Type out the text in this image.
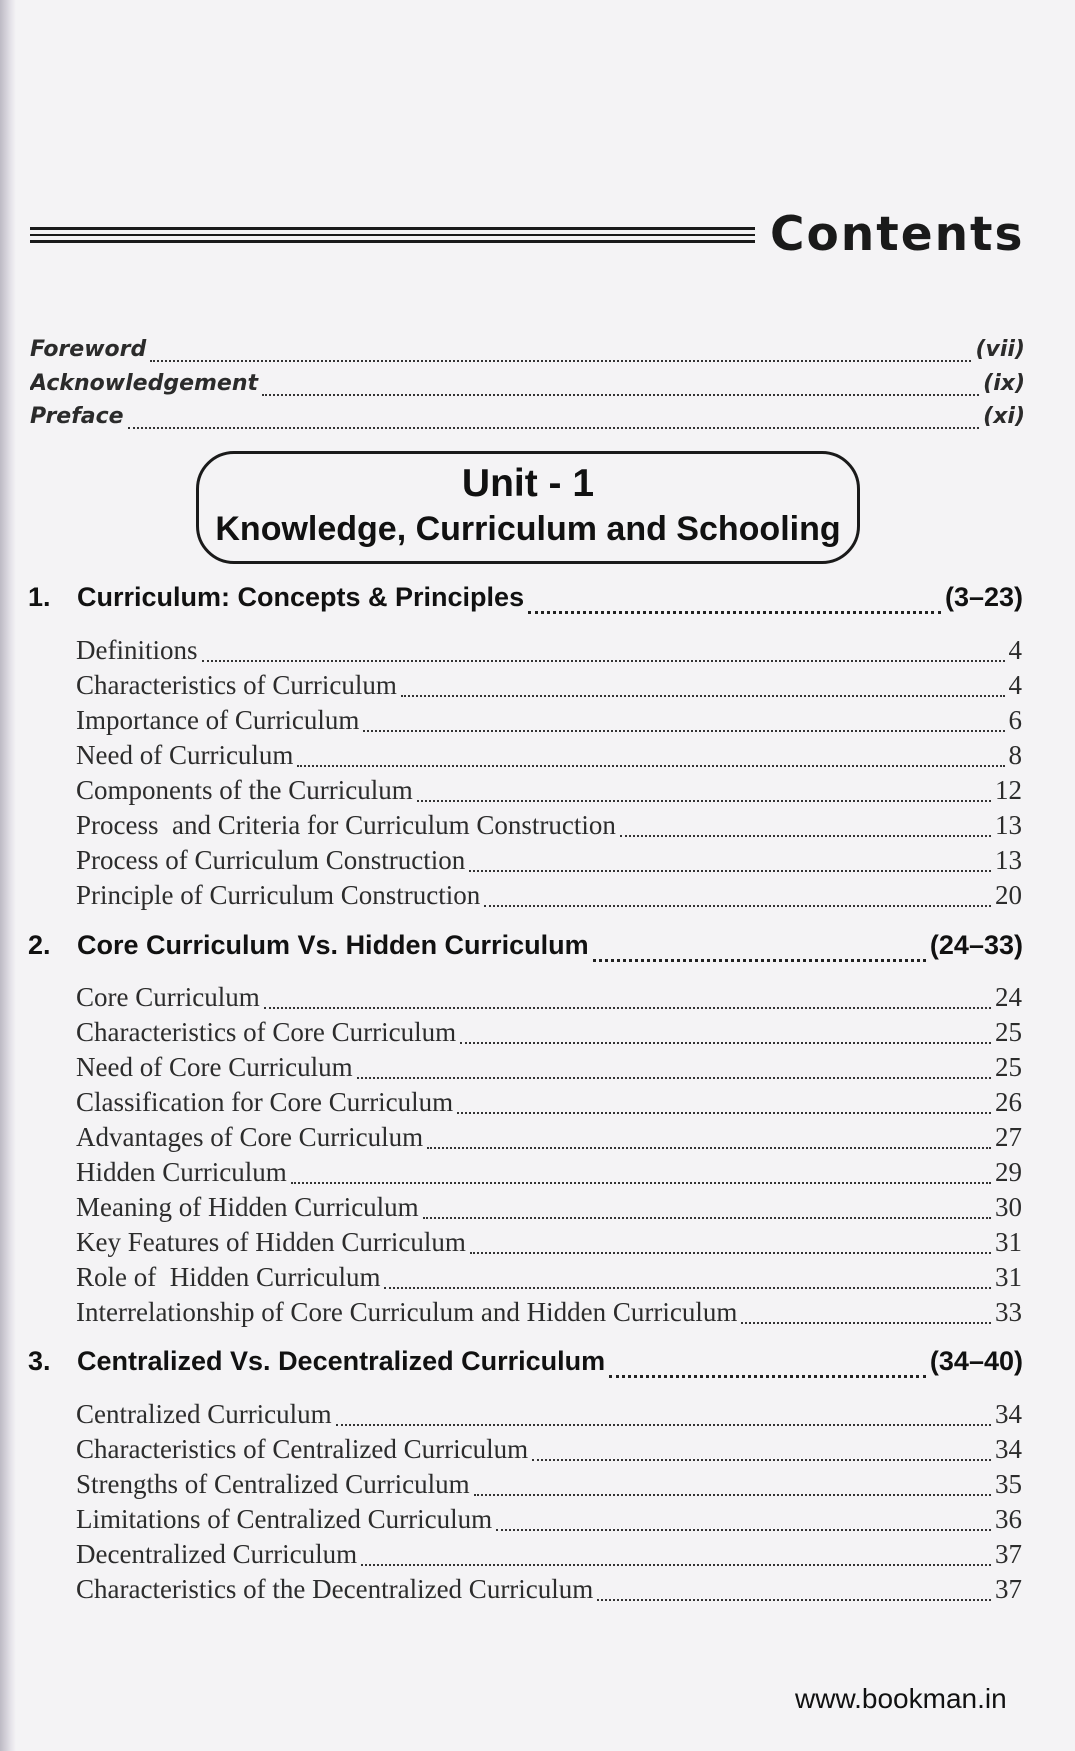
Contents
Foreword	(vii)
Acknowledgement	(ix)
Preface	(xi)
Unit - 1
Knowledge, Curriculum and Schooling
1. Curriculum: Concepts & Principles	(3–23)
Definitions	4
Characteristics of Curriculum	4
Importance of Curriculum	6
Need of Curriculum	8
Components of the Curriculum	12
Process  and Criteria for Curriculum Construction	13
Process of Curriculum Construction	13
Principle of Curriculum Construction	20
2. Core Curriculum Vs. Hidden Curriculum	(24–33)
Core Curriculum	24
Characteristics of Core Curriculum	25
Need of Core Curriculum	25
Classification for Core Curriculum	26
Advantages of Core Curriculum	27
Hidden Curriculum	29
Meaning of Hidden Curriculum	30
Key Features of Hidden Curriculum	31
Role of  Hidden Curriculum	31
Interrelationship of Core Curriculum and Hidden Curriculum	33
3. Centralized Vs. Decentralized Curriculum	(34–40)
Centralized Curriculum	34
Characteristics of Centralized Curriculum	34
Strengths of Centralized Curriculum	35
Limitations of Centralized Curriculum	36
Decentralized Curriculum	37
Characteristics of the Decentralized Curriculum	37
www.bookman.in
